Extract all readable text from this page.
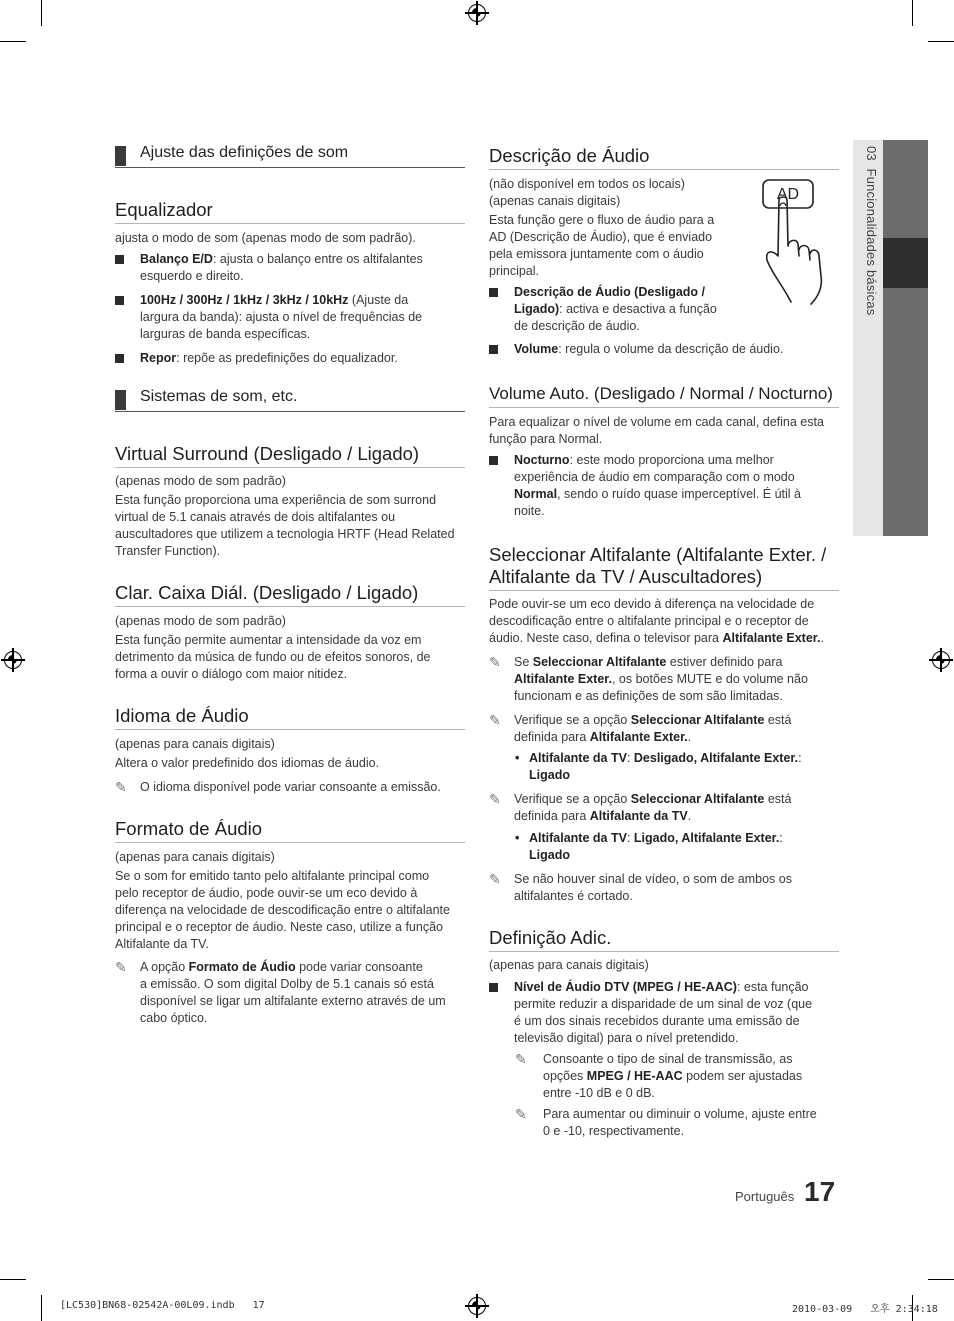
03  Funcionalidades básicas
Ajuste das definições de som
Equalizador
ajusta o modo de som (apenas modo de som padrão).
Balanço E/D: ajusta o balanço entre os altifalantes
esquerdo e direito.
100Hz / 300Hz / 1kHz / 3kHz / 10kHz (Ajuste da
largura da banda): ajusta o nível de frequências de
larguras de banda específicas.
Repor: repõe as predefinições do equalizador.
Sistemas de som, etc.
Virtual Surround (Desligado / Ligado)
(apenas modo de som padrão)
Esta função proporciona uma experiência de som surrond
virtual de 5.1 canais através de dois altifalantes ou
auscultadores que utilizem a tecnologia HRTF (Head Related
Transfer Function).
Clar. Caixa Diál. (Desligado / Ligado)
(apenas modo de som padrão)
Esta função permite aumentar a intensidade da voz em
detrimento da música de fundo ou de efeitos sonoros, de
forma a ouvir o diálogo com maior nitidez.
Idioma de Áudio
(apenas para canais digitais)
Altera o valor predefinido dos idiomas de áudio.
✎ O idioma disponível pode variar consoante a emissão.
Formato de Áudio
(apenas para canais digitais)
Se o som for emitido tanto pelo altifalante principal como
pelo receptor de áudio, pode ouvir-se um eco devido à
diferença na velocidade de descodificação entre o altifalante
principal e o receptor de áudio. Neste caso, utilize a função
Altifalante da TV.
✎ A opção Formato de Áudio pode variar consoante
a emissão. O som digital Dolby de 5.1 canais só está
disponível se ligar um altifalante externo através de um
cabo óptico.
Descrição de Áudio
(não disponível em todos os locais)
(apenas canais digitais)
Esta função gere o fluxo de áudio para a
AD (Descrição de Áudio), que é enviado
pela emissora juntamente com o áudio
principal.
AD
Descrição de Áudio (Desligado /
Ligado): activa e desactiva a função
de descrição de áudio.
Volume: regula o volume da descrição de áudio.
Volume Auto. (Desligado / Normal / Nocturno)
Para equalizar o nível de volume em cada canal, defina esta
função para Normal.
Nocturno: este modo proporciona uma melhor
experiência de áudio em comparação com o modo
Normal, sendo o ruído quase imperceptível. É útil à
noite.
Seleccionar Altifalante (Altifalante Exter. /
Altifalante da TV / Auscultadores)
Pode ouvir-se um eco devido à diferença na velocidade de
descodificação entre o altifalante principal e o receptor de
áudio. Neste caso, defina o televisor para Altifalante Exter..
✎ Se Seleccionar Altifalante estiver definido para
Altifalante Exter., os botões MUTE e do volume não
funcionam e as definições de som são limitadas.
✎ Verifique se a opção Seleccionar Altifalante está
definida para Altifalante Exter..
• Altifalante da TV: Desligado, Altifalante Exter.:
Ligado
✎ Verifique se a opção Seleccionar Altifalante está
definida para Altifalante da TV.
• Altifalante da TV: Ligado, Altifalante Exter.:
Ligado
✎ Se não houver sinal de vídeo, o som de ambos os
altifalantes é cortado.
Definição Adic.
(apenas para canais digitais)
Nível de Áudio DTV (MPEG / HE-AAC): esta função
permite reduzir a disparidade de um sinal de voz (que
é um dos sinais recebidos durante uma emissão de
televisão digital) para o nível pretendido.
✎ Consoante o tipo de sinal de transmissão, as
opções MPEG / HE-AAC podem ser ajustadas
entre -10 dB e 0 dB.
✎ Para aumentar ou diminuir o volume, ajuste entre
0 e -10, respectivamente.
Português 17
[LC530]BN68-02542A-00L09.indb   17	2010-03-09   오후 2:34:18
